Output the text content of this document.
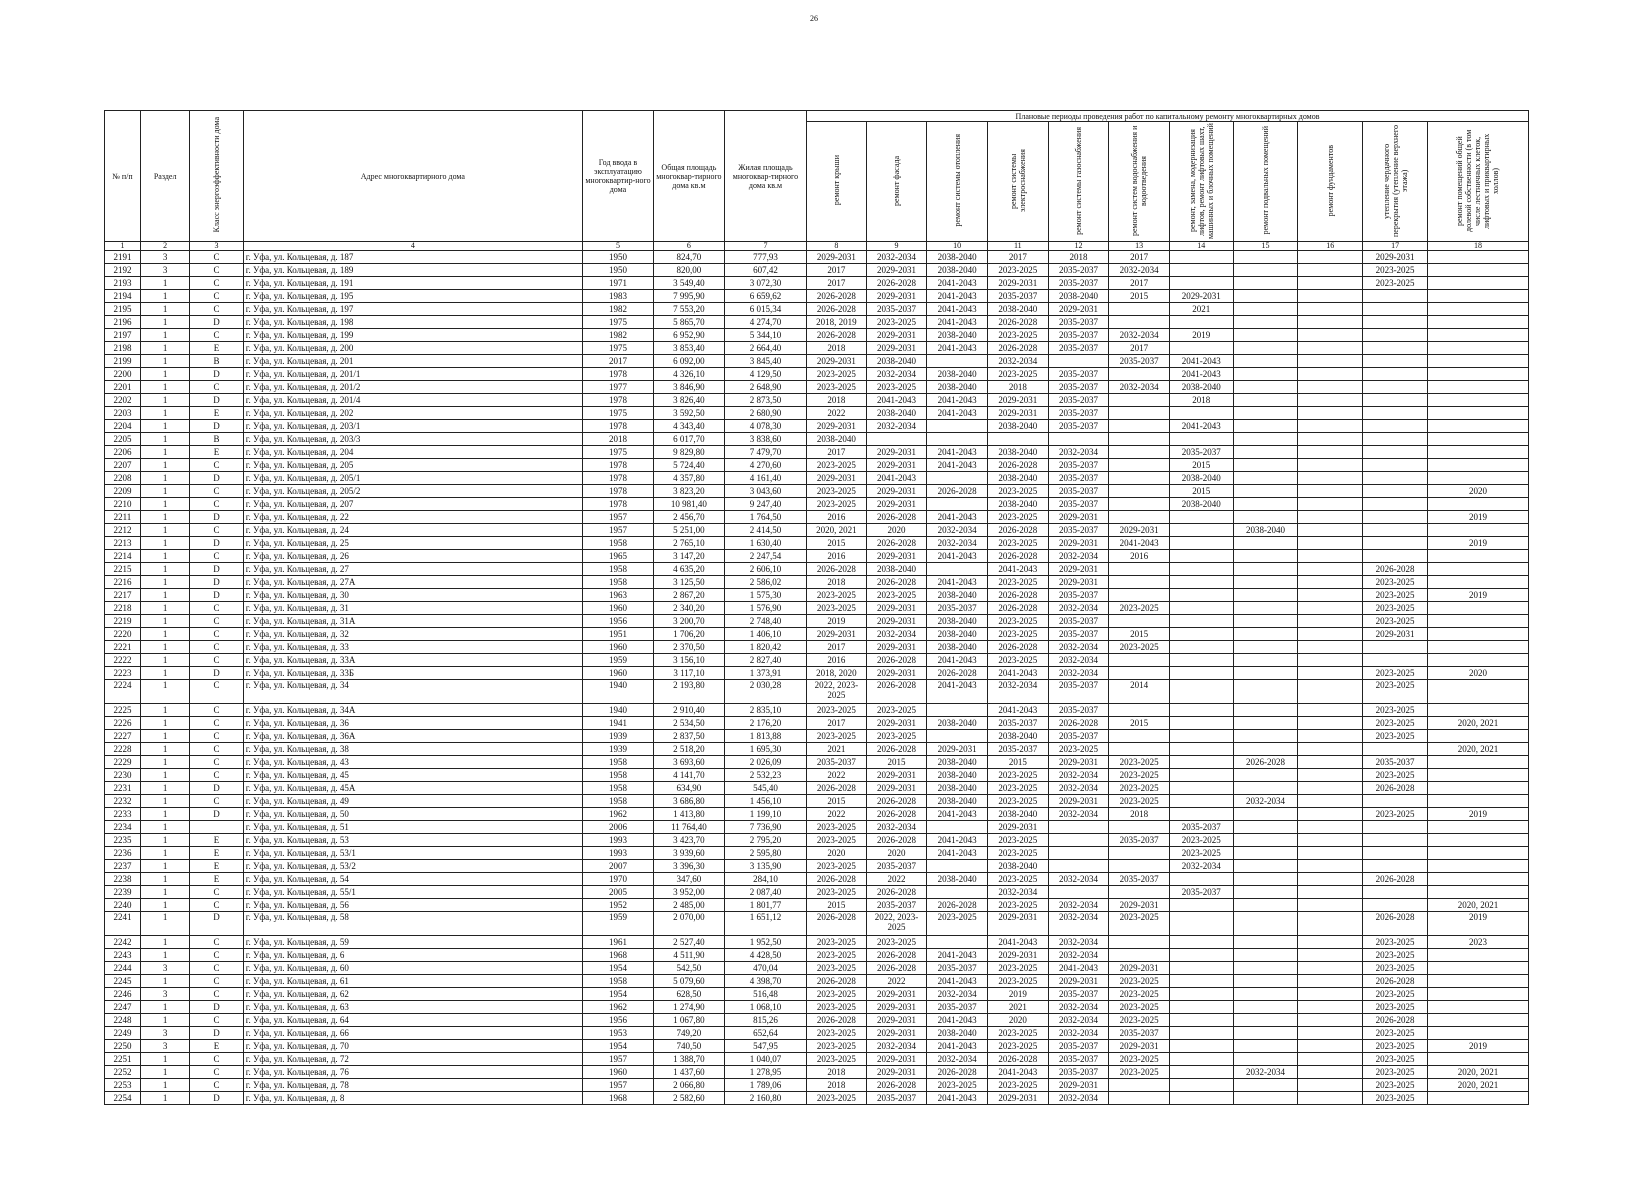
26
№ п/п	Раздел	Класс энергоэффективности дома	Адрес многоквартирного дома	Год ввода в эксплуатацию многоквартир-ного дома	Общая площадь многоквар-тирного дома кв.м	Жилая площадь многоквар-тирного дома кв.м	Плановые периоды проведения работ по капитальному ремонту многоквартирных домов										
							ремонт крыши	ремонт фасада	ремонт системы отопления	ремонт системы электроснабжения	ремонт системы газоснабжения	ремонт систем водоснабжения и водоотведения	ремонт, замена, модернизация лифтов, ремонт лифтовых шахт, машинных и блочных помещений	ремонт подвальных помещений	ремонт фундаментов	утепление чердачного перекрытия (утепление верхнего этажа)	ремонт помещений общей долевой собственности (в том числе лестничных клеток, лифтовых и приквартирных холлов)
1	2	3	4	5	6	7	8	9	10	11	12	13	14	15	16	17	18
2191	3	C	г. Уфа, ул. Кольцевая, д. 187	1950	824,70	777,93	2029-2031	2032-2034	2038-2040	2017	2018	2017				2029-2031	
2192	3	C	г. Уфа, ул. Кольцевая, д. 189	1950	820,00	607,42	2017	2029-2031	2038-2040	2023-2025	2035-2037	2032-2034				2023-2025	
2193	1	C	г. Уфа, ул. Кольцевая, д. 191	1971	3 549,40	3 072,30	2017	2026-2028	2041-2043	2029-2031	2035-2037	2017				2023-2025	
2194	1	C	г. Уфа, ул. Кольцевая, д. 195	1983	7 995,90	6 659,62	2026-2028	2029-2031	2041-2043	2035-2037	2038-2040	2015	2029-2031				
2195	1	C	г. Уфа, ул. Кольцевая, д. 197	1982	7 553,20	6 015,34	2026-2028	2035-2037	2041-2043	2038-2040	2029-2031		2021				
2196	1	D	г. Уфа, ул. Кольцевая, д. 198	1975	5 865,70	4 274,70	2018, 2019	2023-2025	2041-2043	2026-2028	2035-2037						
2197	1	C	г. Уфа, ул. Кольцевая, д. 199	1982	6 952,90	5 344,10	2026-2028	2029-2031	2038-2040	2023-2025	2035-2037	2032-2034	2019				
2198	1	E	г. Уфа, ул. Кольцевая, д. 200	1975	3 853,40	2 664,40	2018	2029-2031	2041-2043	2026-2028	2035-2037	2017					
2199	1	B	г. Уфа, ул. Кольцевая, д. 201	2017	6 092,00	3 845,40	2029-2031	2038-2040		2032-2034		2035-2037	2041-2043				
2200	1	D	г. Уфа, ул. Кольцевая, д. 201/1	1978	4 326,10	4 129,50	2023-2025	2032-2034	2038-2040	2023-2025	2035-2037		2041-2043				
2201	1	C	г. Уфа, ул. Кольцевая, д. 201/2	1977	3 846,90	2 648,90	2023-2025	2023-2025	2038-2040	2018	2035-2037	2032-2034	2038-2040				
2202	1	D	г. Уфа, ул. Кольцевая, д. 201/4	1978	3 826,40	2 873,50	2018	2041-2043	2041-2043	2029-2031	2035-2037		2018				
2203	1	E	г. Уфа, ул. Кольцевая, д. 202	1975	3 592,50	2 680,90	2022	2038-2040	2041-2043	2029-2031	2035-2037						
2204	1	D	г. Уфа, ул. Кольцевая, д. 203/1	1978	4 343,40	4 078,30	2029-2031	2032-2034		2038-2040	2035-2037		2041-2043				
2205	1	B	г. Уфа, ул. Кольцевая, д. 203/3	2018	6 017,70	3 838,60	2038-2040										
2206	1	E	г. Уфа, ул. Кольцевая, д. 204	1975	9 829,80	7 479,70	2017	2029-2031	2041-2043	2038-2040	2032-2034		2035-2037				
2207	1	C	г. Уфа, ул. Кольцевая, д. 205	1978	5 724,40	4 270,60	2023-2025	2029-2031	2041-2043	2026-2028	2035-2037		2015				
2208	1	D	г. Уфа, ул. Кольцевая, д. 205/1	1978	4 357,80	4 161,40	2029-2031	2041-2043		2038-2040	2035-2037		2038-2040				
2209	1	C	г. Уфа, ул. Кольцевая, д. 205/2	1978	3 823,20	3 043,60	2023-2025	2029-2031	2026-2028	2023-2025	2035-2037		2015				2020
2210	1	C	г. Уфа, ул. Кольцевая, д. 207	1978	10 981,40	9 247,40	2023-2025	2029-2031		2038-2040	2035-2037		2038-2040				
2211	1	D	г. Уфа, ул. Кольцевая, д. 22	1957	2 456,70	1 764,50	2016	2026-2028	2041-2043	2023-2025	2029-2031						2019
2212	1	C	г. Уфа, ул. Кольцевая, д. 24	1957	5 251,00	2 414,50	2020, 2021	2020	2032-2034	2026-2028	2035-2037	2029-2031		2038-2040			
2213	1	D	г. Уфа, ул. Кольцевая, д. 25	1958	2 765,10	1 630,40	2015	2026-2028	2032-2034	2023-2025	2029-2031	2041-2043					2019
2214	1	C	г. Уфа, ул. Кольцевая, д. 26	1965	3 147,20	2 247,54	2016	2029-2031	2041-2043	2026-2028	2032-2034	2016					
2215	1	D	г. Уфа, ул. Кольцевая, д. 27	1958	4 635,20	2 606,10	2026-2028	2038-2040		2041-2043	2029-2031					2026-2028	
2216	1	D	г. Уфа, ул. Кольцевая, д. 27А	1958	3 125,50	2 586,02	2018	2026-2028	2041-2043	2023-2025	2029-2031					2023-2025	
2217	1	D	г. Уфа, ул. Кольцевая, д. 30	1963	2 867,20	1 575,30	2023-2025	2023-2025	2038-2040	2026-2028	2035-2037					2023-2025	2019
2218	1	C	г. Уфа, ул. Кольцевая, д. 31	1960	2 340,20	1 576,90	2023-2025	2029-2031	2035-2037	2026-2028	2032-2034	2023-2025				2023-2025	
2219	1	C	г. Уфа, ул. Кольцевая, д. 31А	1956	3 200,70	2 748,40	2019	2029-2031	2038-2040	2023-2025	2035-2037					2023-2025	
2220	1	C	г. Уфа, ул. Кольцевая, д. 32	1951	1 706,20	1 406,10	2029-2031	2032-2034	2038-2040	2023-2025	2035-2037	2015				2029-2031	
2221	1	C	г. Уфа, ул. Кольцевая, д. 33	1960	2 370,50	1 820,42	2017	2029-2031	2038-2040	2026-2028	2032-2034	2023-2025					
2222	1	C	г. Уфа, ул. Кольцевая, д. 33А	1959	3 156,10	2 827,40	2016	2026-2028	2041-2043	2023-2025	2032-2034						
2223	1	D	г. Уфа, ул. Кольцевая, д. 33Б	1960	3 117,10	1 373,91	2018, 2020	2029-2031	2026-2028	2041-2043	2032-2034					2023-2025	2020
2224	1	C	г. Уфа, ул. Кольцевая, д. 34	1940	2 193,80	2 030,28	2022, 2023-2025	2026-2028	2041-2043	2032-2034	2035-2037	2014				2023-2025	
2225	1	C	г. Уфа, ул. Кольцевая, д. 34А	1940	2 910,40	2 835,10	2023-2025	2023-2025		2041-2043	2035-2037					2023-2025	
2226	1	C	г. Уфа, ул. Кольцевая, д. 36	1941	2 534,50	2 176,20	2017	2029-2031	2038-2040	2035-2037	2026-2028	2015				2023-2025	2020, 2021
2227	1	C	г. Уфа, ул. Кольцевая, д. 36А	1939	2 837,50	1 813,88	2023-2025	2023-2025		2038-2040	2035-2037					2023-2025	
2228	1	C	г. Уфа, ул. Кольцевая, д. 38	1939	2 518,20	1 695,30	2021	2026-2028	2029-2031	2035-2037	2023-2025						2020, 2021
2229	1	C	г. Уфа, ул. Кольцевая, д. 43	1958	3 693,60	2 026,09	2035-2037	2015	2038-2040	2015	2029-2031	2023-2025		2026-2028		2035-2037	
2230	1	C	г. Уфа, ул. Кольцевая, д. 45	1958	4 141,70	2 532,23	2022	2029-2031	2038-2040	2023-2025	2032-2034	2023-2025				2023-2025	
2231	1	D	г. Уфа, ул. Кольцевая, д. 45А	1958	634,90	545,40	2026-2028	2029-2031	2038-2040	2023-2025	2032-2034	2023-2025				2026-2028	
2232	1	C	г. Уфа, ул. Кольцевая, д. 49	1958	3 686,80	1 456,10	2015	2026-2028	2038-2040	2023-2025	2029-2031	2023-2025		2032-2034			
2233	1	D	г. Уфа, ул. Кольцевая, д. 50	1962	1 413,80	1 199,10	2022	2026-2028	2041-2043	2038-2040	2032-2034	2018				2023-2025	2019
2234	1		г. Уфа, ул. Кольцевая, д. 51	2006	11 764,40	7 736,90	2023-2025	2032-2034		2029-2031			2035-2037				
2235	1	E	г. Уфа, ул. Кольцевая, д. 53	1993	3 423,70	2 795,20	2023-2025	2026-2028	2041-2043	2023-2025		2035-2037	2023-2025				
2236	1	E	г. Уфа, ул. Кольцевая, д. 53/1	1993	3 939,60	2 595,80	2020	2020	2041-2043	2023-2025			2023-2025				
2237	1	E	г. Уфа, ул. Кольцевая, д. 53/2	2007	3 396,30	3 135,90	2023-2025	2035-2037		2038-2040			2032-2034				
2238	1	E	г. Уфа, ул. Кольцевая, д. 54	1970	347,60	284,10	2026-2028	2022	2038-2040	2023-2025	2032-2034	2035-2037				2026-2028	
2239	1	C	г. Уфа, ул. Кольцевая, д. 55/1	2005	3 952,00	2 087,40	2023-2025	2026-2028		2032-2034			2035-2037				
2240	1	C	г. Уфа, ул. Кольцевая, д. 56	1952	2 485,00	1 801,77	2015	2035-2037	2026-2028	2023-2025	2032-2034	2029-2031					2020, 2021
2241	1	D	г. Уфа, ул. Кольцевая, д. 58	1959	2 070,00	1 651,12	2026-2028	2022, 2023-2025	2023-2025	2029-2031	2032-2034	2023-2025				2026-2028	2019
2242	1	C	г. Уфа, ул. Кольцевая, д. 59	1961	2 527,40	1 952,50	2023-2025	2023-2025		2041-2043	2032-2034					2023-2025	2023
2243	1	C	г. Уфа, ул. Кольцевая, д. 6	1968	4 511,90	4 428,50	2023-2025	2026-2028	2041-2043	2029-2031	2032-2034					2023-2025	
2244	3	C	г. Уфа, ул. Кольцевая, д. 60	1954	542,50	470,04	2023-2025	2026-2028	2035-2037	2023-2025	2041-2043	2029-2031				2023-2025	
2245	1	C	г. Уфа, ул. Кольцевая, д. 61	1958	5 079,60	4 398,70	2026-2028	2022	2041-2043	2023-2025	2029-2031	2023-2025				2026-2028	
2246	3	C	г. Уфа, ул. Кольцевая, д. 62	1954	628,50	516,48	2023-2025	2029-2031	2032-2034	2019	2035-2037	2023-2025				2023-2025	
2247	1	D	г. Уфа, ул. Кольцевая, д. 63	1962	1 274,90	1 068,10	2023-2025	2029-2031	2035-2037	2021	2032-2034	2023-2025				2023-2025	
2248	1	C	г. Уфа, ул. Кольцевая, д. 64	1956	1 067,80	815,26	2026-2028	2029-2031	2041-2043	2020	2032-2034	2023-2025				2026-2028	
2249	3	D	г. Уфа, ул. Кольцевая, д. 66	1953	749,20	652,64	2023-2025	2029-2031	2038-2040	2023-2025	2032-2034	2035-2037				2023-2025	
2250	3	E	г. Уфа, ул. Кольцевая, д. 70	1954	740,50	547,95	2023-2025	2032-2034	2041-2043	2023-2025	2035-2037	2029-2031				2023-2025	2019
2251	1	C	г. Уфа, ул. Кольцевая, д. 72	1957	1 388,70	1 040,07	2023-2025	2029-2031	2032-2034	2026-2028	2035-2037	2023-2025				2023-2025	
2252	1	C	г. Уфа, ул. Кольцевая, д. 76	1960	1 437,60	1 278,95	2018	2029-2031	2026-2028	2041-2043	2035-2037	2023-2025		2032-2034		2023-2025	2020, 2021
2253	1	C	г. Уфа, ул. Кольцевая, д. 78	1957	2 066,80	1 789,06	2018	2026-2028	2023-2025	2023-2025	2029-2031					2023-2025	2020, 2021
2254	1	D	г. Уфа, ул. Кольцевая, д. 8	1968	2 582,60	2 160,80	2023-2025	2035-2037	2041-2043	2029-2031	2032-2034					2023-2025	
